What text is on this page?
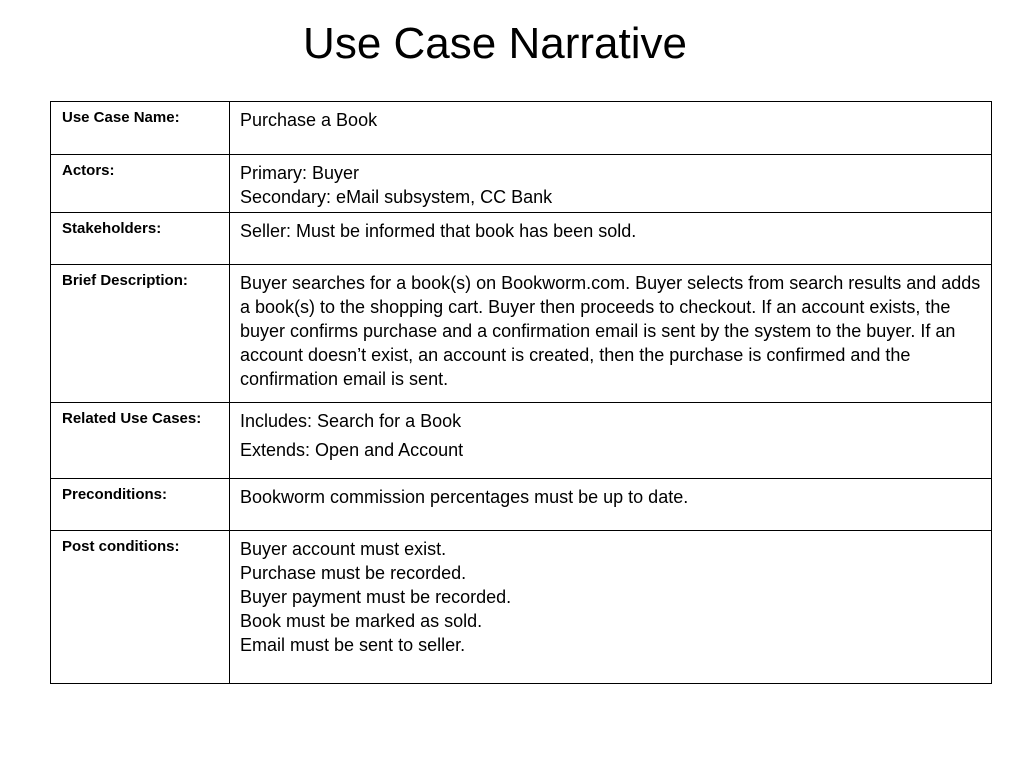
Use Case Narrative
Use Case Name:	Purchase a Book

Actors:	Primary: Buyer
Secondary: eMail subsystem, CC Bank

Stakeholders:	Seller: Must be informed that book has been sold.

Brief Description:	Buyer searches for a book(s) on Bookworm.com. Buyer selects from search results and adds a book(s) to the shopping cart. Buyer then proceeds to checkout. If an account exists, the buyer confirms purchase and a confirmation email is sent by the system to the buyer. If an account doesn’t exist, an account is created, then the purchase is confirmed and the confirmation email is sent.

Related Use Cases:	Includes: Search for a Book
Extends: Open and Account

Preconditions:	Bookworm commission percentages must be up to date.

Post conditions:	Buyer account must exist.
Purchase must be recorded.
Buyer payment must be recorded.
Book must be marked as sold.
Email must be sent to seller.
